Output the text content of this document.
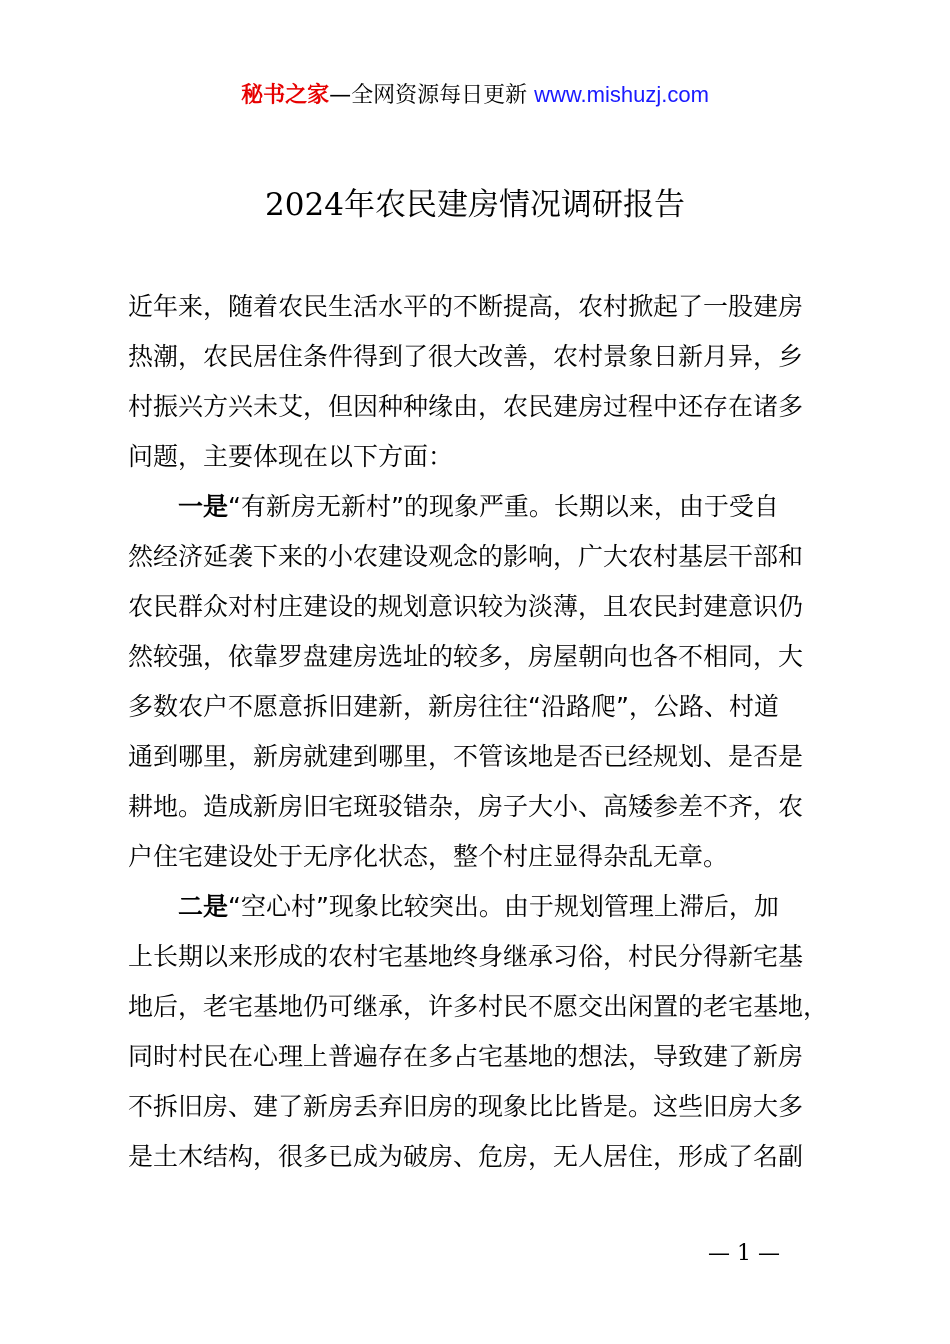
秘书之家—全网资源每日更新 www.mishuzj.com
2024年农民建房情况调研报告
近年来，随着农民生活水平的不断提高，农村掀起了一股建房
热潮，农民居住条件得到了很大改善，农村景象日新月异，乡
村振兴方兴未艾，但因种种缘由，农民建房过程中还存在诸多
问题，主要体现在以下方面：
一是“有新房无新村”的现象严重。长期以来，由于受自
然经济延袭下来的小农建设观念的影响，广大农村基层干部和
农民群众对村庄建设的规划意识较为淡薄，且农民封建意识仍
然较强，依靠罗盘建房选址的较多，房屋朝向也各不相同，大
多数农户不愿意拆旧建新，新房往往“沿路爬”，公路、村道
通到哪里，新房就建到哪里，不管该地是否已经规划、是否是
耕地。造成新房旧宅斑驳错杂，房子大小、高矮参差不齐，农
户住宅建设处于无序化状态，整个村庄显得杂乱无章。
二是“空心村”现象比较突出。由于规划管理上滞后，加
上长期以来形成的农村宅基地终身继承习俗，村民分得新宅基
地后，老宅基地仍可继承，许多村民不愿交出闲置的老宅基地，
同时村民在心理上普遍存在多占宅基地的想法，导致建了新房
不拆旧房、建了新房丢弃旧房的现象比比皆是。这些旧房大多
是土木结构，很多已成为破房、危房，无人居住，形成了名副
— 1 —
